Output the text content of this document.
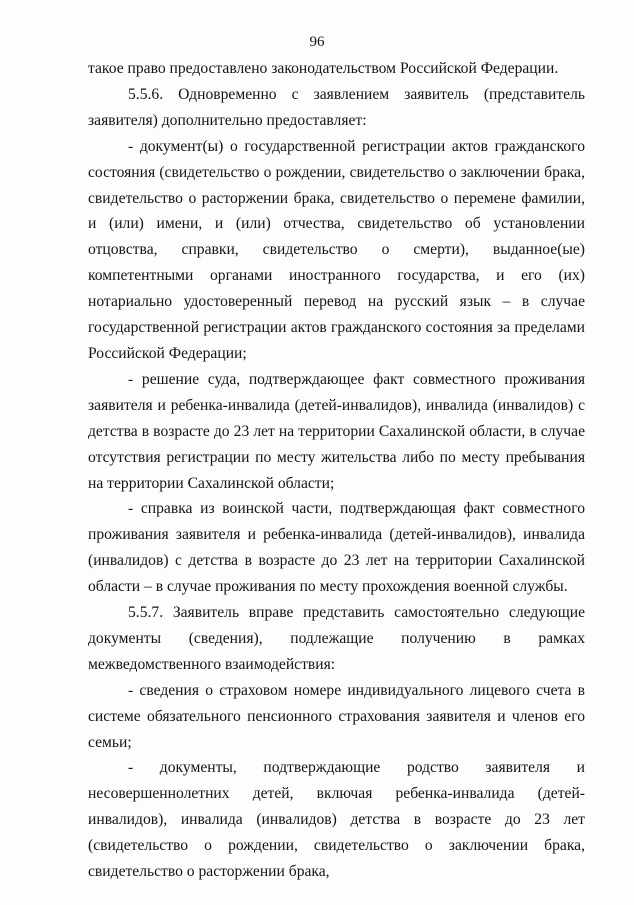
96

такое право предоставлено законодательством Российской Федерации.

5.5.6. Одновременно с заявлением заявитель (представитель заявителя) дополнительно предоставляет:

- документ(ы) о государственной регистрации актов гражданского состояния (свидетельство о рождении, свидетельство о заключении брака, свидетельство о расторжении брака, свидетельство о перемене фамилии, и (или) имени, и (или) отчества, свидетельство об установлении отцовства, справки, свидетельство о смерти), выданное(ые) компетентными органами иностранного государства, и его (их) нотариально удостоверенный перевод на русский язык – в случае государственной регистрации актов гражданского состояния за пределами Российской Федерации;

- решение суда, подтверждающее факт совместного проживания заявителя и ребенка-инвалида (детей-инвалидов), инвалида (инвалидов) с детства в возрасте до 23 лет на территории Сахалинской области, в случае отсутствия регистрации по месту жительства либо по месту пребывания на территории Сахалинской области;

- справка из воинской части, подтверждающая факт совместного проживания заявителя и ребенка-инвалида (детей-инвалидов), инвалида (инвалидов) с детства в возрасте до 23 лет на территории Сахалинской области – в случае проживания по месту прохождения военной службы.

5.5.7. Заявитель вправе представить самостоятельно следующие документы (сведения), подлежащие получению в рамках межведомственного взаимодействия:

- сведения о страховом номере индивидуального лицевого счета в системе обязательного пенсионного страхования заявителя и членов его семьи;

- документы, подтверждающие родство заявителя и несовершеннолетних детей, включая ребенка-инвалида (детей-инвалидов), инвалида (инвалидов) детства в возрасте до 23 лет (свидетельство о рождении, свидетельство о заключении брака, свидетельство о расторжении брака,
